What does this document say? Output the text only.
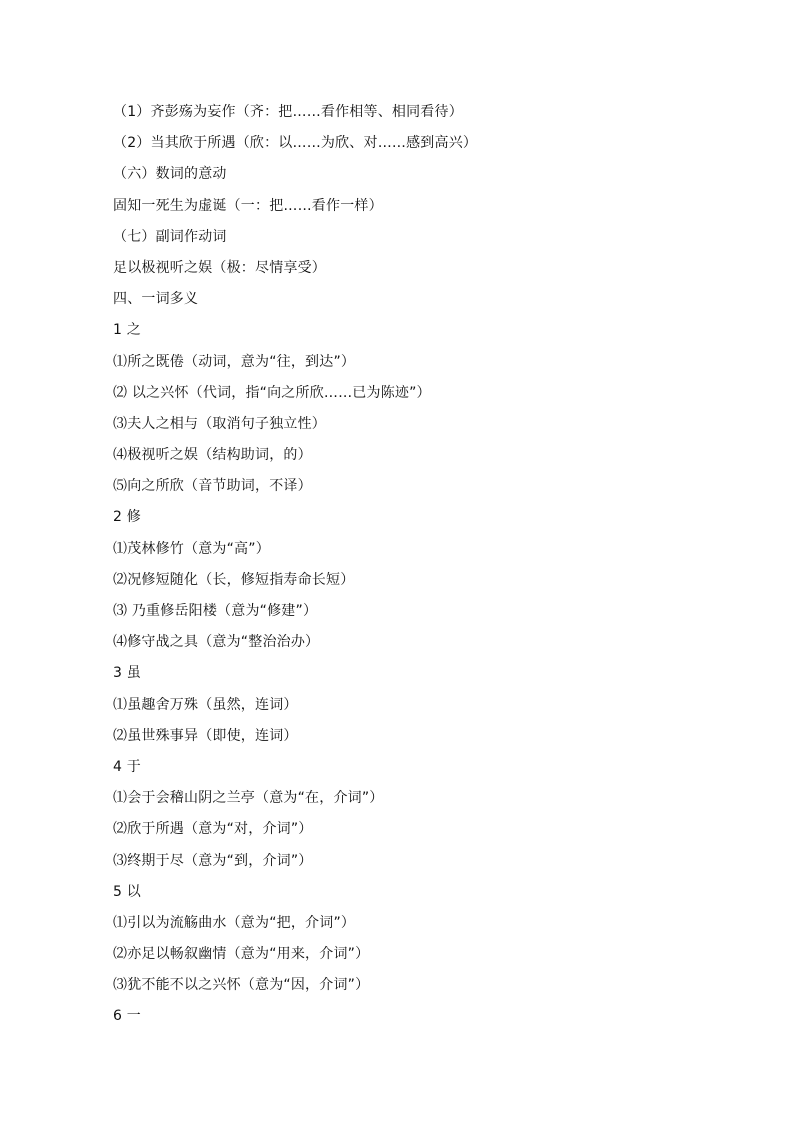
（1）齐彭殇为妄作（齐：把……看作相等、相同看待）
（2）当其欣于所遇（欣：以……为欣、对……感到高兴）
（六）数词的意动
固知一死生为虚诞（一：把……看作一样）
（七）副词作动词
足以极视听之娱（极：尽情享受）
四、一词多义
1 之
⑴所之既倦（动词，意为“往，到达”）
⑵ 以之兴怀（代词，指“向之所欣……已为陈迹”）
⑶夫人之相与（取消句子独立性）
⑷极视听之娱（结构助词，的）
⑸向之所欣（音节助词，不译）
2 修
⑴茂林修竹（意为“高”）
⑵况修短随化（长，修短指寿命长短）
⑶ 乃重修岳阳楼（意为“修建”）
⑷修守战之具（意为“整治治办）
3 虽
⑴虽趣舍万殊（虽然，连词）
⑵虽世殊事异（即使，连词）
4 于
⑴会于会稽山阴之兰亭（意为“在，介词”）
⑵欣于所遇（意为“对，介词”）
⑶终期于尽（意为“到，介词”）
5 以
⑴引以为流觞曲水（意为“把，介词”）
⑵亦足以畅叙幽情（意为“用来，介词”）
⑶犹不能不以之兴怀（意为“因，介词”）
6 一
